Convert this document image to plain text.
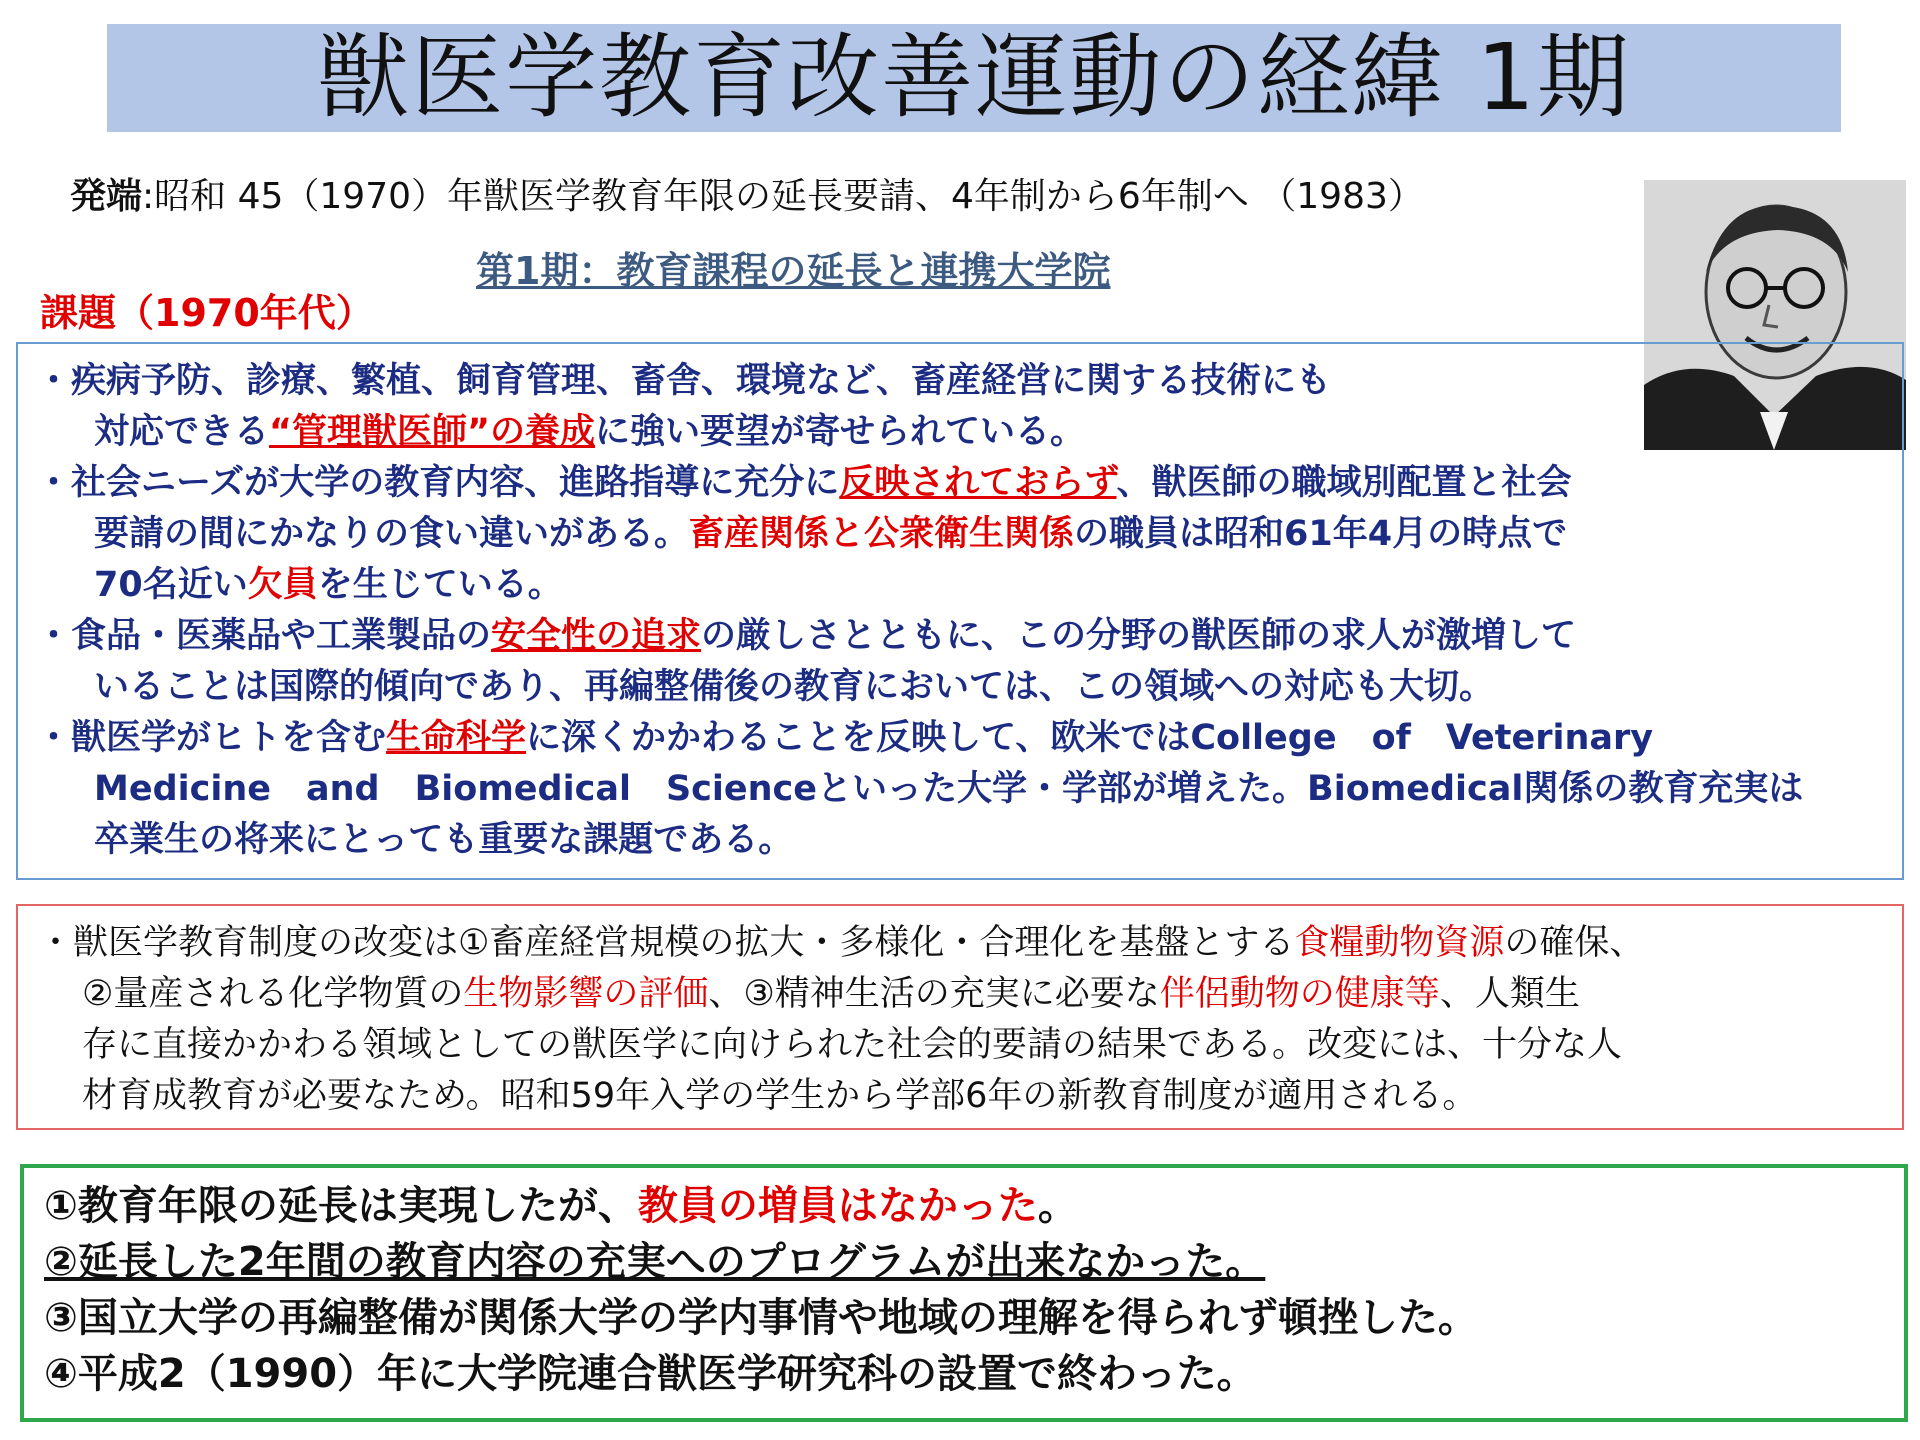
獣医学教育改善運動の経緯 1期
発端:昭和 45（1970）年獣医学教育年限の延長要請、4年制から6年制へ （1983）
第1期：教育課程の延長と連携大学院
課題（1970年代）

・疾病予防、診療、繁植、飼育管理、畜舎、環境など、畜産経営に関する技術にも

対応できる“管理獣医師”の養成に強い要望が寄せられている。

・社会ニーズが大学の教育内容、進路指導に充分に反映されておらず、獣医師の職域別配置と社会

要請の間にかなりの食い違いがある。畜産関係と公衆衛生関係の職員は昭和61年4月の時点で

70名近い欠員を生じている。

・食品・医薬品や工業製品の安全性の追求の厳しさとともに、この分野の獣医師の求人が激増して

いることは国際的傾向であり、再編整備後の教育においては、この領域への対応も大切。

・獣医学がヒトを含む生命科学に深くかかわることを反映して、欧米ではCollege　of　Veterinary

Medicine　and　Biomedical　Scienceといった大学・学部が増えた。Biomedical関係の教育充実は

卒業生の将来にとっても重要な課題である。

・獣医学教育制度の改変は①畜産経営規模の拡大・多様化・合理化を基盤とする食糧動物資源の確保、

②量産される化学物質の生物影響の評価、③精神生活の充実に必要な伴侶動物の健康等、人類生

存に直接かかわる領域としての獣医学に向けられた社会的要請の結果である。改変には、十分な人

材育成教育が必要なため。昭和59年入学の学生から学部6年の新教育制度が適用される。

①教育年限の延長は実現したが、教員の増員はなかった。

②延長した2年間の教育内容の充実へのプログラムが出来なかった。

③国立大学の再編整備が関係大学の学内事情や地域の理解を得られず頓挫した。

④平成2（1990）年に大学院連合獣医学研究科の設置で終わった。
